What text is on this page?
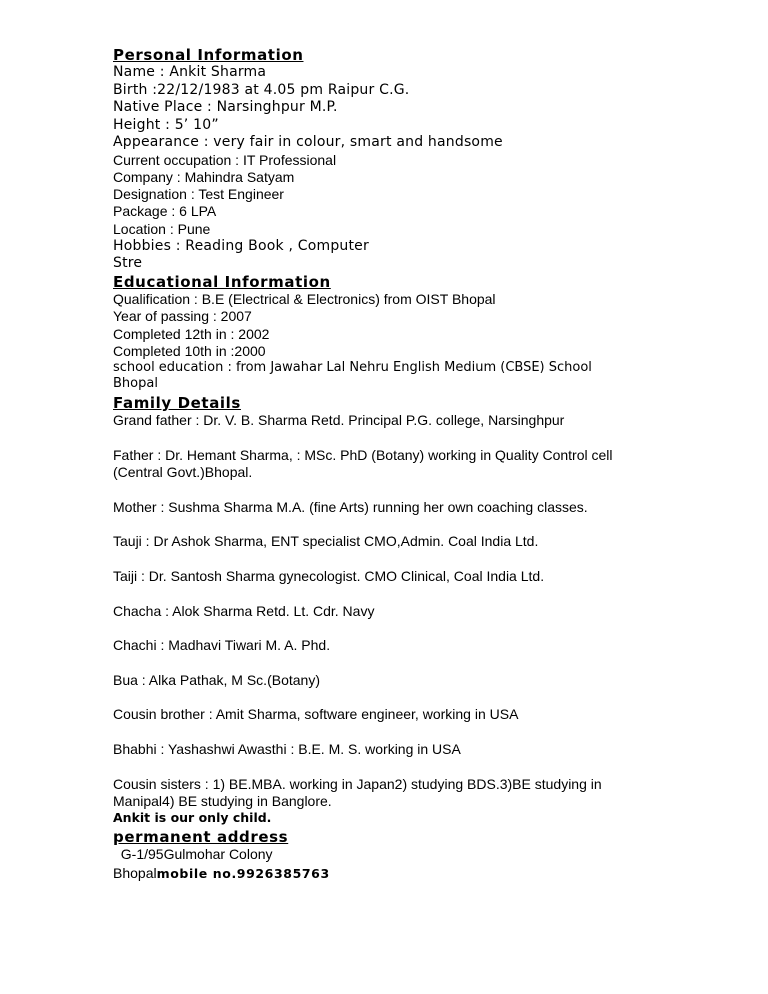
Personal Information
Name : Ankit Sharma
Birth :22/12/1983 at 4.05 pm Raipur C.G.
Native Place : Narsinghpur M.P.
Height : 5’ 10”
Appearance : very fair in colour, smart and handsome
Current occupation : IT Professional
Company : Mahindra Satyam
Designation : Test Engineer
Package : 6 LPA
Location : Pune
Hobbies : Reading Book , Computer
Stre
Educational Information
Qualification : B.E (Electrical & Electronics) from OIST Bhopal
Year of passing : 2007
Completed 12th in : 2002
Completed 10th in :2000
school education : from Jawahar Lal Nehru English Medium (CBSE) School
Bhopal
Family Details
Grand father : Dr. V. B. Sharma Retd. Principal P.G. college, Narsinghpur
Father : Dr. Hemant Sharma, : MSc. PhD (Botany) working in Quality Control cell
(Central Govt.)Bhopal.
Mother : Sushma Sharma M.A. (fine Arts) running her own coaching classes.
Tauji : Dr Ashok Sharma, ENT specialist CMO,Admin. Coal India Ltd.
Taiji : Dr. Santosh Sharma gynecologist. CMO Clinical, Coal India Ltd.
Chacha : Alok Sharma Retd. Lt. Cdr. Navy
Chachi : Madhavi Tiwari M. A. Phd.
Bua : Alka Pathak, M Sc.(Botany)
Cousin brother : Amit Sharma, software engineer, working in USA
Bhabhi : Yashashwi Awasthi : B.E. M. S. working in USA
Cousin sisters : 1) BE.MBA. working in Japan2) studying BDS.3)BE studying in
Manipal4) BE studying in Banglore.
Ankit is our only child.
permanent address
G-1/95Gulmohar Colony
Bhopalmobile no.9926385763
